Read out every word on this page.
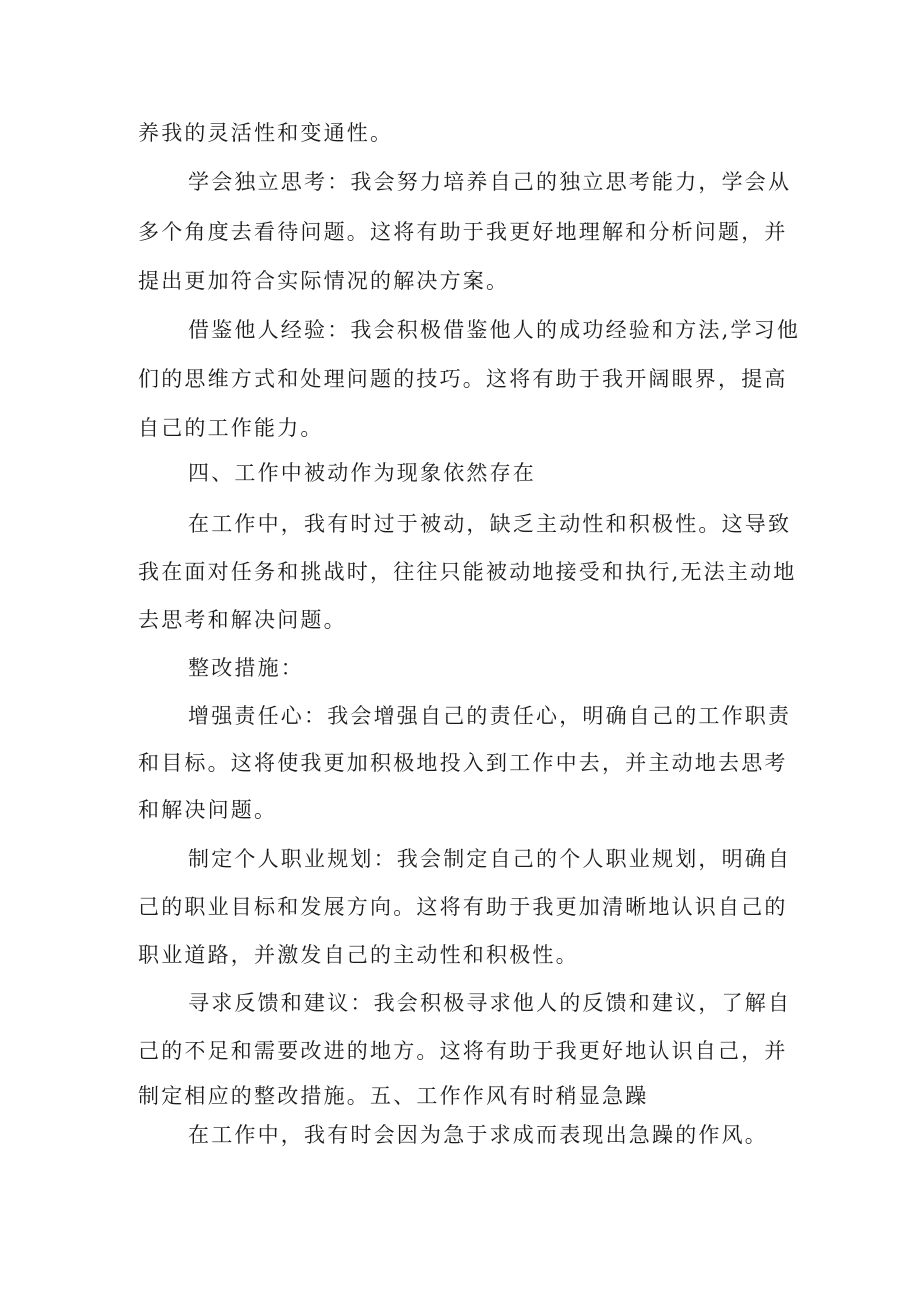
养我的灵活性和变通性。
学会独立思考：我会努力培养自己的独立思考能力，学会从
多个角度去看待问题。这将有助于我更好地理解和分析问题，并
提出更加符合实际情况的解决方案。
借鉴他人经验：我会积极借鉴他人的成功经验和方法,学习他
们的思维方式和处理问题的技巧。这将有助于我开阔眼界，提高
自己的工作能力。
四、工作中被动作为现象依然存在
在工作中，我有时过于被动，缺乏主动性和积极性。这导致
我在面对任务和挑战时，往往只能被动地接受和执行,无法主动地
去思考和解决问题。
整改措施：
增强责任心：我会增强自己的责任心，明确自己的工作职责
和目标。这将使我更加积极地投入到工作中去，并主动地去思考
和解决问题。
制定个人职业规划：我会制定自己的个人职业规划，明确自
己的职业目标和发展方向。这将有助于我更加清晰地认识自己的
职业道路，并激发自己的主动性和积极性。
寻求反馈和建议：我会积极寻求他人的反馈和建议，了解自
己的不足和需要改进的地方。这将有助于我更好地认识自己，并
制定相应的整改措施。五、工作作风有时稍显急躁
在工作中，我有时会因为急于求成而表现出急躁的作风。
